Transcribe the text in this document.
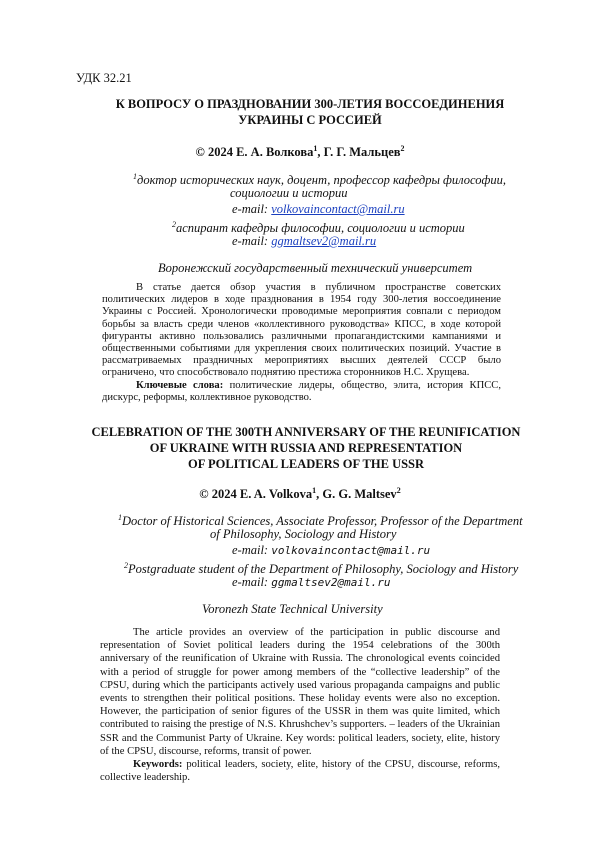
УДК 32.21
К ВОПРОСУ О ПРАЗДНОВАНИИ 300-ЛЕТИЯ ВОССОЕДИНЕНИЯ
УКРАИНЫ С РОССИЕЙ
© 2024 Е. А. Волкова$^1$, Г. Г. Мальцев$^2$
$^1$доктор исторических наук, доцент, профессор кафедры философии,
социологии и истории
e-mail: volkovaincontact@mail.ru
$^2$аспирант кафедры философии, социологии и истории
e-mail: ggmaltsev2@mail.ru
Воронежский государственный технический университет

В статье дается обзор участия в публичном пространстве советских политических лидеров в ходе празднования в 1954 году 300-летия воссоединение Украины с Россией. Хронологически проводимые мероприятия совпали с периодом борьбы за власть среди членов «коллективного руководства» КПСС, в ходе которой фигуранты активно пользовались различными пропагандистскими кампаниями и общественными событиями для укрепления своих политических позиций. Участие в рассматриваемых праздничных мероприятиях высших деятелей СССР было ограничено, что способствовало поднятию престижа сторонников Н.С. Хрущева.

Ключевые слова: политические лидеры, общество, элита, история КПСС, дискурс, реформы, коллективное руководство.

CELEBRATION OF THE 300TH ANNIVERSARY OF THE REUNIFICATION
OF UKRAINE WITH RUSSIA AND REPRESENTATION
OF POLITICAL LEADERS OF THE USSR
© 2024 E. A. Volkova$^1$, G. G. Maltsev$^2$
$^1$Doctor of Historical Sciences, Associate Professor, Professor of the Department
of Philosophy, Sociology and History
e-mail: volkovaincontact@mail.ru
$^2$Postgraduate student of the Department of Philosophy, Sociology and History
e-mail: ggmaltsev2@mail.ru
Voronezh State Technical University

The article provides an overview of the participation in public discourse and representation of Soviet political leaders during the 1954 celebrations of the 300th anniversary of the reunification of Ukraine with Russia. The chronological events coincided with a period of struggle for power among members of the “collective leadership” of the CPSU, during which the participants actively used various propaganda campaigns and public events to strengthen their political positions. These holiday events were also no exception. However, the participation of senior figures of the USSR in them was quite limited, which contributed to raising the prestige of N.S. Khrushchev’s supporters. – leaders of the Ukrainian SSR and the Communist Party of Ukraine. Key words: political leaders, society, elite, history of the CPSU, discourse, reforms, transit of power.

Keywords: political leaders, society, elite, history of the CPSU, discourse, reforms, collective leadership.
